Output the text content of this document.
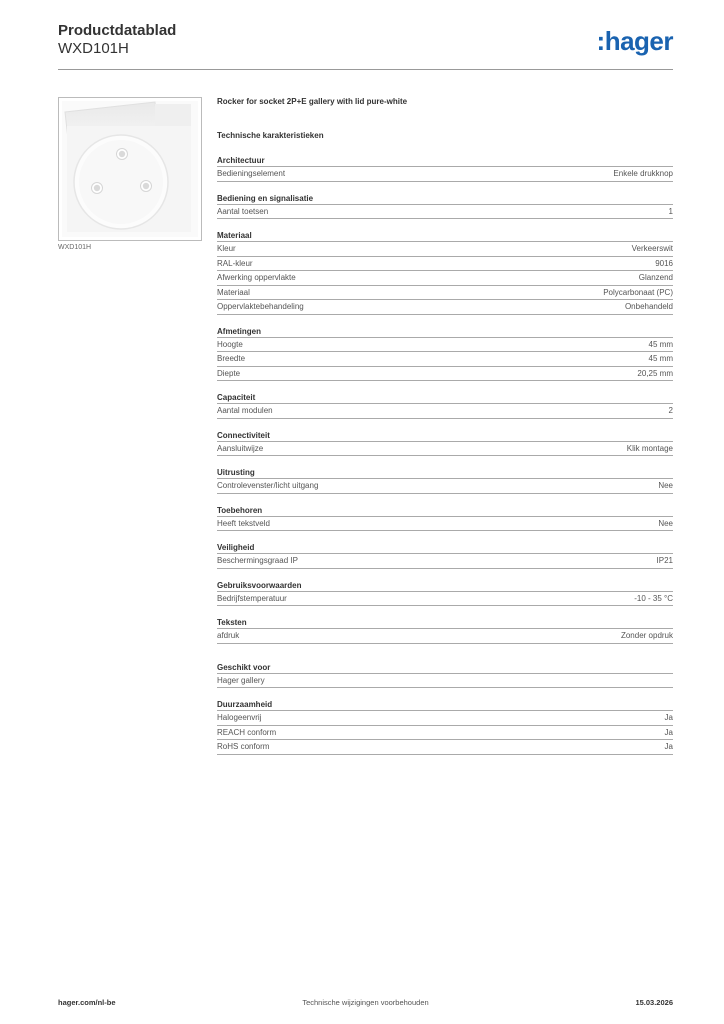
Productdatablad
WXD101H	:hager
WXD101H
Rocker for socket 2P+E gallery with lid pure-white
Technische karakteristieken
Architectuur
Bedieningselement	Enkele drukknop
Bediening en signalisatie
Aantal toetsen	1
Materiaal
Kleur	Verkeerswit
RAL-kleur	9016
Afwerking oppervlakte	Glanzend
Materiaal	Polycarbonaat (PC)
Oppervlaktebehandeling	Onbehandeld
Afmetingen
Hoogte	45 mm
Breedte	45 mm
Diepte	20,25 mm
Capaciteit
Aantal modulen	2
Connectiviteit
Aansluitwijze	Klik montage
Uitrusting
Controlevenster/licht uitgang	Nee
Toebehoren
Heeft tekstveld	Nee
Veiligheid
Beschermingsgraad IP	IP21
Gebruiksvoorwaarden
Bedrijfstemperatuur	-10 - 35 °C
Teksten
afdruk	Zonder opdruk
Geschikt voor
Hager gallery
Duurzaamheid
Halogeenvrij	Ja
REACH conform	Ja
RoHS conform	Ja
Technische wijzigingen voorbehouden
hager.com/nl-be	15.03.2026
